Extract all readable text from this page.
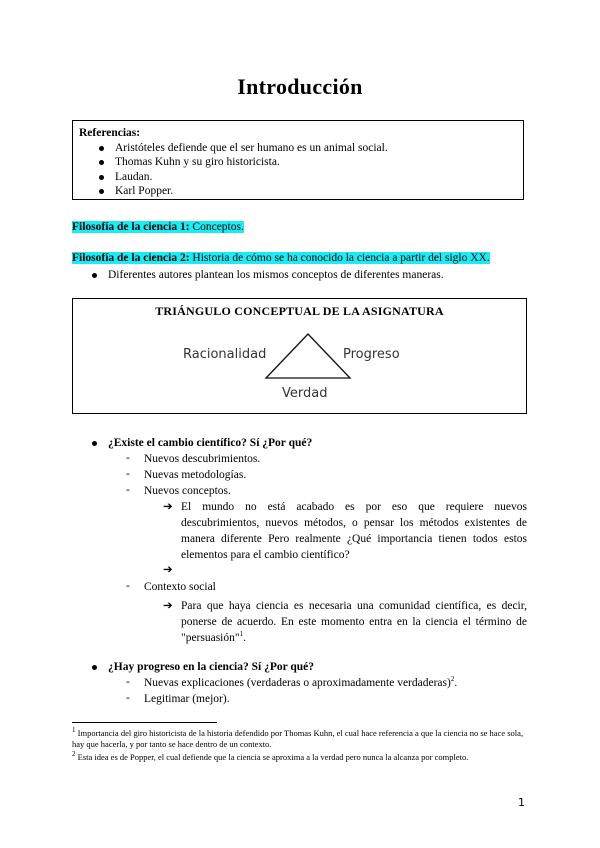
Introducción
Referencias:
Aristóteles defiende que el ser humano es un animal social.
Thomas Kuhn y su giro historicista.
Laudan.
Karl Popper.
Filosofía de la ciencia 1: Conceptos.
Filosofía de la ciencia 2: Historia de cómo se ha conocido la ciencia a partir del siglo XX.
Diferentes autores plantean los mismos conceptos de diferentes maneras.
TRIÁNGULO CONCEPTUAL DE LA ASIGNATURA
Racionalidad	Progreso
Verdad
¿Existe el cambio científico? Sí ¿Por qué?
- Nuevos descubrimientos.
- Nuevas metodologías.
- Nuevos conceptos.
➔ El mundo no está acabado es por eso que requiere nuevos descubrimientos, nuevos métodos, o pensar los métodos existentes de manera diferente Pero realmente ¿Qué importancia tienen todos estos elementos para el cambio científico?
➔
- Contexto social
➔ Para que haya ciencia es necesaria una comunidad científica, es decir, ponerse de acuerdo. En este momento entra en la ciencia el término de "persuasión"$^1$.
¿Hay progreso en la ciencia? Sí ¿Por qué?
- Nuevas explicaciones (verdaderas o aproximadamente verdaderas)$^2$.
- Legitimar (mejor).
$^1$ Importancia del giro historicista de la historia defendido por Thomas Kuhn, el cual hace referencia a que la ciencia no se hace sola, hay que hacerla, y por tanto se hace dentro de un contexto.
$^2$ Esta idea es de Popper, el cual defiende que la ciencia se aproxima a la verdad pero nunca la alcanza por completo.
1
